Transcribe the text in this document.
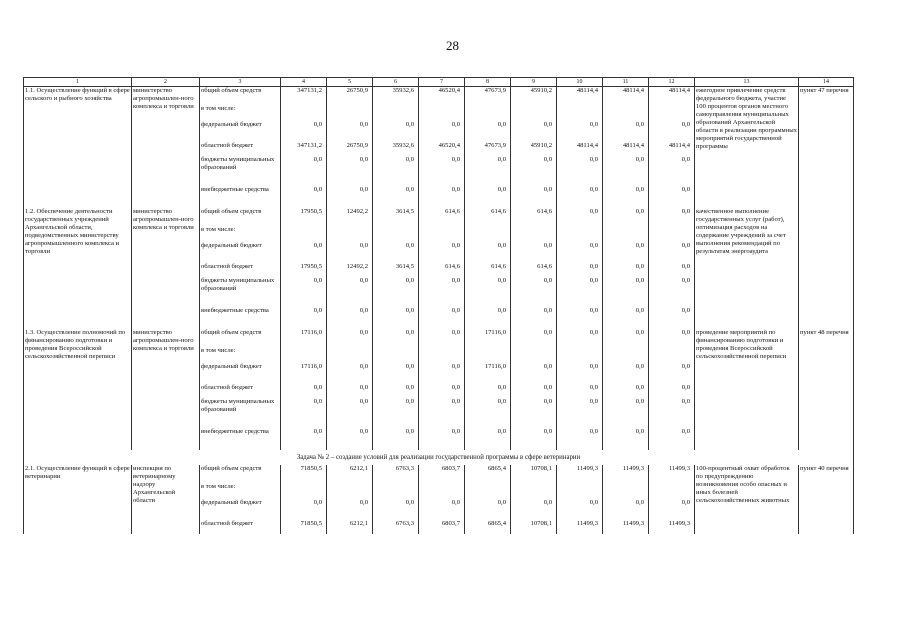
28
1	2	3	4	5	6	7	8	9	10	11	12	13	14
1.1. Осуществление функций в сфере сельского и рыбного хозяйства	министерство агропромышлен-ного комплекса и торговли	общий объем средств	347131,2	26750,9	35932,6	46520,4	47673,9	45910,2	48114,4	48114,4	48114,4	ежегодное привлечение средств федерального бюджета, участие 100 процентов органов местного самоуправления муниципальных образований Архангельской области в реализации программных мероприятий государственной программы	пункт 47 перечня
		в том числе:											
		федеральный бюджет	0,0	0,0	0,0	0,0	0,0	0,0	0,0	0,0	0,0		
		областной бюджет	347131,2	26750,9	35932,6	46520,4	47673,9	45910,2	48114,4	48114,4	48114,4		
		бюджеты муниципальных образований	0,0	0,0	0,0	0,0	0,0	0,0	0,0	0,0	0,0		
		внебюджетные средства	0,0	0,0	0,0	0,0	0,0	0,0	0,0	0,0	0,0		
1.2. Обеспечение деятельности государственных учреждений Архангельской области, подведомственных министерству агропромышленного комплекса и торговли	министерство агропромышлен-ного комплекса и торговли	общий объем средств	17950,5	12492,2	3614,5	614,6	614,6	614,6	0,0	0,0	0,0	качественное выполнение государственных услуг (работ), оптимизация расходов на содержание учреждений за счет выполнения рекомендаций по результатам энергоаудита	
		в том числе:											
		федеральный бюджет	0,0	0,0	0,0	0,0	0,0	0,0	0,0	0,0	0,0		
		областной бюджет	17950,5	12492,2	3614,5	614,6	614,6	614,6	0,0	0,0	0,0		
		бюджеты муниципальных образований	0,0	0,0	0,0	0,0	0,0	0,0	0,0	0,0	0,0		
		внебюджетные средства	0,0	0,0	0,0	0,0	0,0	0,0	0,0	0,0	0,0		
1.3. Осуществление полномочий по финансированию подготовки и проведения Всероссийской сельскохозяйственной переписи	министерство агропромышлен-ного комплекса и торговли	общий объем средств	17116,0	0,0	0,0	0,0	17116,0	0,0	0,0	0,0	0,0	проведение мероприятий по финансированию подготовки и проведения Всероссийской сельскохозяйственной переписи	пункт 48 перечня
		в том числе:											
		федеральный бюджет	17116,0	0,0	0,0	0,0	17116,0	0,0	0,0	0,0	0,0		
		областной бюджет	0,0	0,0	0,0	0,0	0,0	0,0	0,0	0,0	0,0		
		бюджеты муниципальных образований	0,0	0,0	0,0	0,0	0,0	0,0	0,0	0,0	0,0		
		внебюджетные средства	0,0	0,0	0,0	0,0	0,0	0,0	0,0	0,0	0,0		
Задача № 2 – создание условий для реализации государственной программы в сфере ветеринарии													
2.1. Осуществление функций в сфере ветеринарии	инспекция по ветеринарному надзору Архангельской области	общий объем средств	71850,5	6212,1	6763,3	6803,7	6865,4	10708,1	11499,3	11499,3	11499,3	100-процентный охват обработок по предупреждению возникновения особо опасных и иных болезней сельскохозяйственных животных	пункт 40 перечня
		в том числе:											
		федеральный бюджет	0,0	0,0	0,0	0,0	0,0	0,0	0,0	0,0	0,0		
		областной бюджет	71850,5	6212,1	6763,3	6803,7	6865,4	10708,1	11499,3	11499,3	11499,3		
